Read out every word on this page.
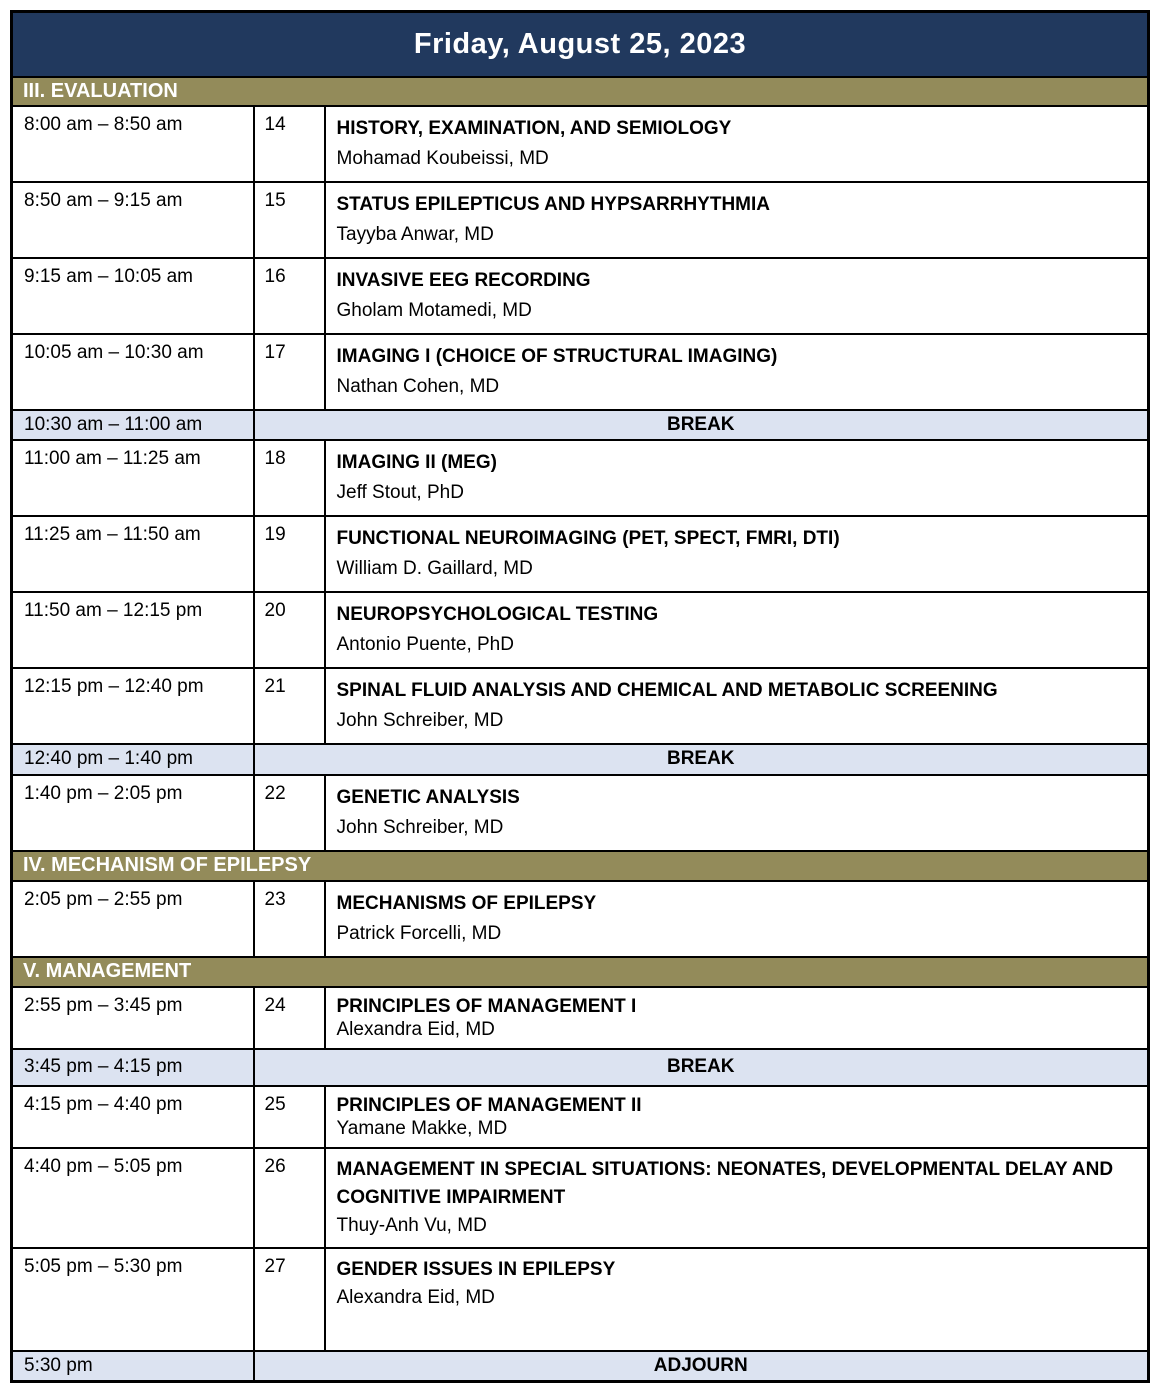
Friday, August 25, 2023		
III. EVALUATION		
8:00 am – 8:50 am	14	HISTORY, EXAMINATION, AND SEMIOLOGY
Mohamad Koubeissi, MD

8:50 am – 9:15 am	15	STATUS EPILEPTICUS AND HYPSARRHYTHMIA
Tayyba Anwar, MD

9:15 am – 10:05 am	16	INVASIVE EEG RECORDING
Gholam Motamedi, MD

10:05 am – 10:30 am	17	IMAGING I (CHOICE OF STRUCTURAL IMAGING)
Nathan Cohen, MD

10:30 am – 11:00 am	BREAK	
11:00 am – 11:25 am	18	IMAGING II (MEG)
Jeff Stout, PhD

11:25 am – 11:50 am	19	FUNCTIONAL NEUROIMAGING (PET, SPECT, FMRI, DTI)
William D. Gaillard, MD

11:50 am – 12:15 pm	20	NEUROPSYCHOLOGICAL TESTING
Antonio Puente, PhD

12:15 pm – 12:40 pm	21	SPINAL FLUID ANALYSIS AND CHEMICAL AND METABOLIC SCREENING
John Schreiber, MD

12:40 pm – 1:40 pm	BREAK	
1:40 pm – 2:05 pm	22	GENETIC ANALYSIS
John Schreiber, MD

IV. MECHANISM OF EPILEPSY		
2:05 pm – 2:55 pm	23	MECHANISMS OF EPILEPSY
Patrick Forcelli, MD

V. MANAGEMENT		
2:55 pm – 3:45 pm	24	PRINCIPLES OF MANAGEMENT I
Alexandra Eid, MD

3:45 pm – 4:15 pm	BREAK	
4:15 pm – 4:40 pm	25	PRINCIPLES OF MANAGEMENT II
Yamane Makke, MD

4:40 pm – 5:05 pm	26	MANAGEMENT IN SPECIAL SITUATIONS: NEONATES, DEVELOPMENTAL DELAY AND COGNITIVE IMPAIRMENT
Thuy-Anh Vu, MD

5:05 pm – 5:30 pm	27	GENDER ISSUES IN EPILEPSY
Alexandra Eid, MD

5:30 pm	ADJOURN	
